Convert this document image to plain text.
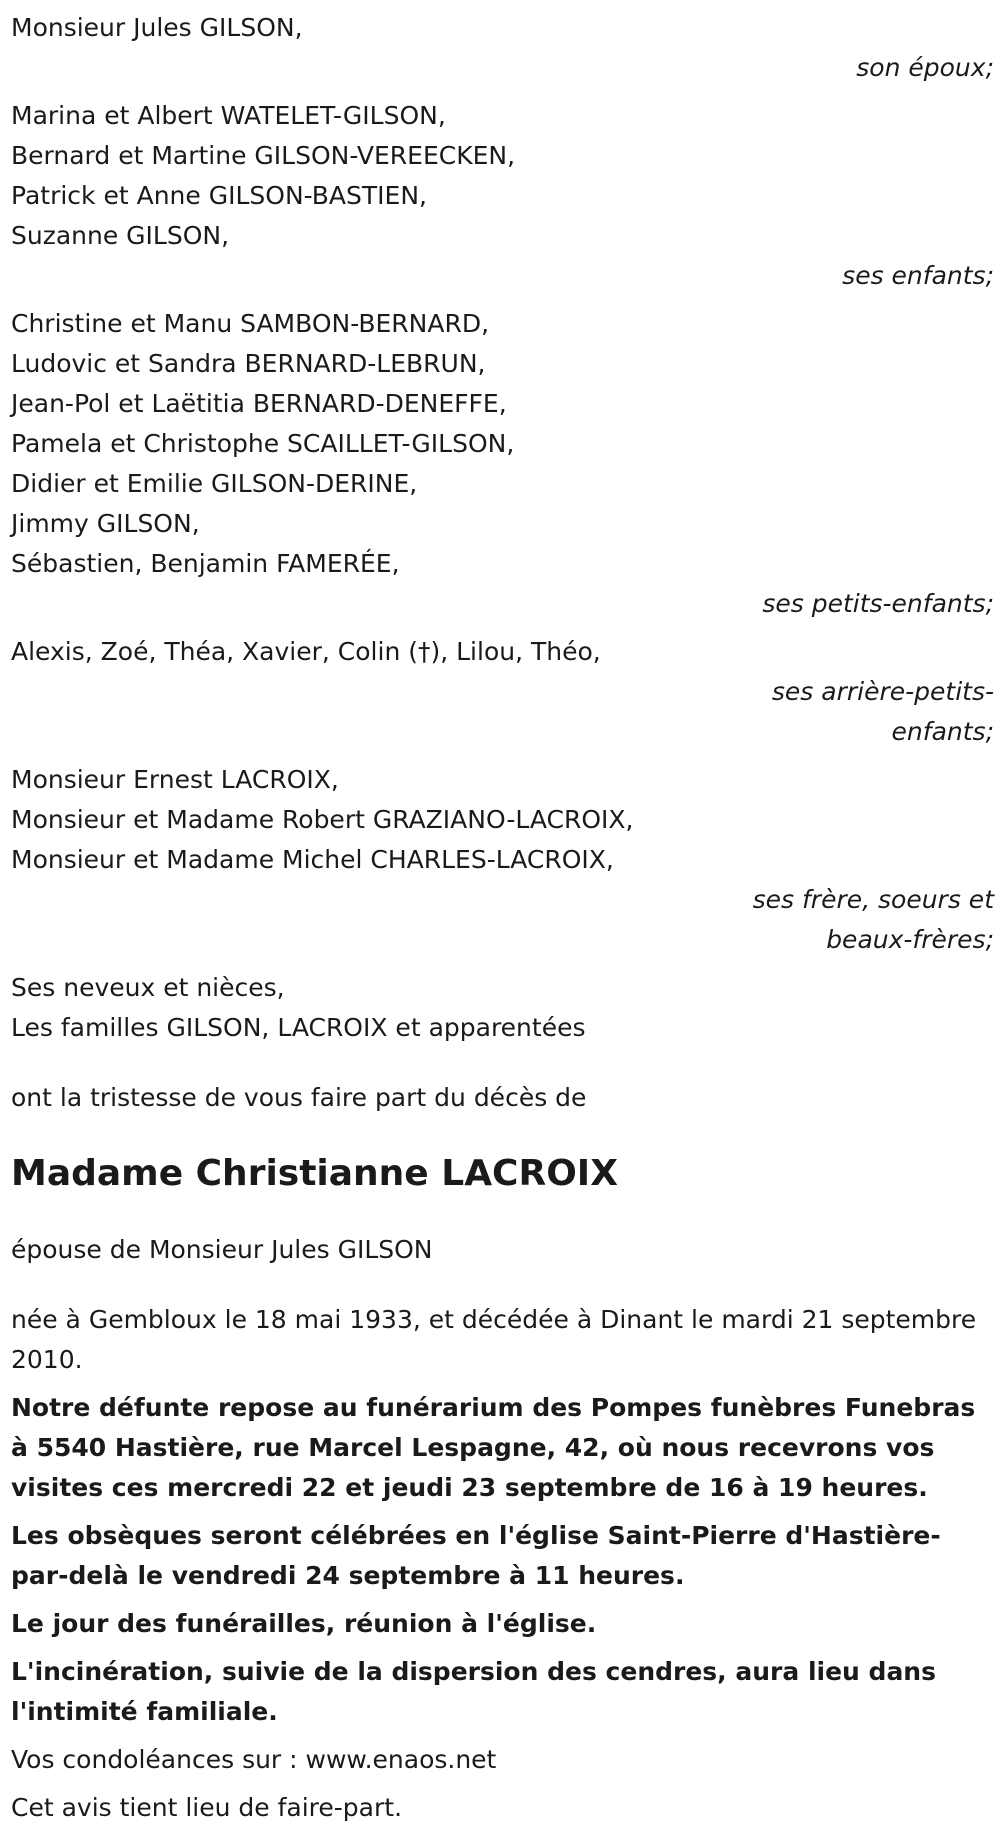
Monsieur Jules GILSON,
son époux;
Marina et Albert WATELET-GILSON,
Bernard et Martine GILSON-VEREECKEN,
Patrick et Anne GILSON-BASTIEN,
Suzanne GILSON,
ses enfants;
Christine et Manu SAMBON-BERNARD,
Ludovic et Sandra BERNARD-LEBRUN,
Jean-Pol et Laëtitia BERNARD-DENEFFE,
Pamela et Christophe SCAILLET-GILSON,
Didier et Emilie GILSON-DERINE,
Jimmy GILSON,
Sébastien, Benjamin FAMERÉE,
ses petits-enfants;
Alexis, Zoé, Théa, Xavier, Colin (†), Lilou, Théo,
ses arrière-petits-
enfants;
Monsieur Ernest LACROIX,
Monsieur et Madame Robert GRAZIANO-LACROIX,
Monsieur et Madame Michel CHARLES-LACROIX,
ses frère, soeurs et
beaux-frères;
Ses neveux et nièces,
Les familles GILSON, LACROIX et apparentées

ont la tristesse de vous faire part du décès de

Madame Christianne LACROIX

épouse de Monsieur Jules GILSON

née à Gembloux le 18 mai 1933, et décédée à Dinant le mardi 21 septembre 2010.

Notre défunte repose au funérarium des Pompes funèbres Funebras à 5540 Hastière, rue Marcel Lespagne, 42, où nous recevrons vos visites ces mercredi 22 et jeudi 23 septembre de 16 à 19 heures.

Les obsèques seront célébrées en l'église Saint-Pierre d'Hastière-par-delà le vendredi 24 septembre à 11 heures.

Le jour des funérailles, réunion à l'église.

L'incinération, suivie de la dispersion des cendres, aura lieu dans l'intimité familiale.

Vos condoléances sur : www.enaos.net

Cet avis tient lieu de faire-part.
